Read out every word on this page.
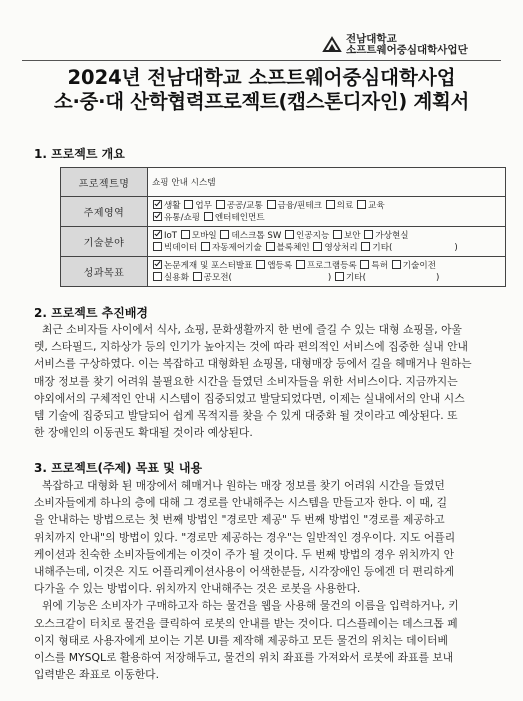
전남대학교
소프트웨어중심대학사업단
2024년 전남대학교 소프트웨어중심대학사업
소·중·대 산학협력프로젝트(캡스톤디자인) 계획서
1. 프로젝트 개요
프로젝트명	쇼핑 안내 시스템
주제영역	생활 업무 공공/교통 금융/핀테크 의료 교육
유통/쇼핑 엔터테인먼트

기술분야	IoT 모바일 데스크톱 SW 인공지능 보안 가상현실
빅데이터 자동제어기술 블록체인 영상처리 기타( )

성과목표	논문게재 및 포스터발표 앱등록 프로그램등록 특허 기술이전
실용화 공모전( ) 기타( )
2. 프로젝트 추진배경
최근 소비자들 사이에서 식사, 쇼핑, 문화생활까지 한 번에 즐길 수 있는 대형 쇼핑몰, 아울
렛, 스타필드, 지하상가 등의 인기가 높아지는 것에 따라 편의적인 서비스에 집중한 실내 안내
서비스를 구상하였다. 이는 복잡하고 대형화된 쇼핑몰, 대형매장 등에서 길을 헤매거나 원하는
매장 정보를 찾기 어려워 불필요한 시간을 들였던 소비자들을 위한 서비스이다. 지금까지는
야외에서의 구체적인 안내 시스템이 집중되었고 발달되었다면, 이제는 실내에서의 안내 시스
템 기술에 집중되고 발달되어 쉽게 목적지를 찾을 수 있게 대중화 될 것이라고 예상된다. 또
한 장애인의 이동권도 확대될 것이라 예상된다.
3. 프로젝트(주제) 목표 및 내용
복잡하고 대형화 된 매장에서 헤매거나 원하는 매장 정보를 찾기 어려워 시간을 들였던
소비자들에게 하나의 층에 대해 그 경로를 안내해주는 시스템을 만들고자 한다. 이 때, 길
을 안내하는 방법으로는 첫 번째 방법인 "경로만 제공" 두 번째 방법인 "경로를 제공하고
위치까지 안내"의 방법이 있다. "경로만 제공하는 경우"는 일반적인 경우이다. 지도 어플리
케이션과 친숙한 소비자들에게는 이것이 주가 될 것이다. 두 번째 방법의 경우 위치까지 안
내해주는데, 이것은 지도 어플리케이션사용이 어색한분들, 시각장애인 등에겐 더 편리하게
다가올 수 있는 방법이다. 위치까지 안내해주는 것은 로봇을 사용한다.
위에 기능은 소비자가 구매하고자 하는 물건을 웹을 사용해 물건의 이름을 입력하거나, 키
오스크같이 터치로 물건을 클릭하여 로봇의 안내를 받는 것이다. 디스플레이는 데스크톱 페
이지 형태로 사용자에게 보이는 기본 UI를 제작해 제공하고 모든 물건의 위치는 데이터베
이스를 MYSQL로 활용하여 저장해두고, 물건의 위치 좌표를 가져와서 로봇에 좌표를 보내
입력받은 좌표로 이동한다.
